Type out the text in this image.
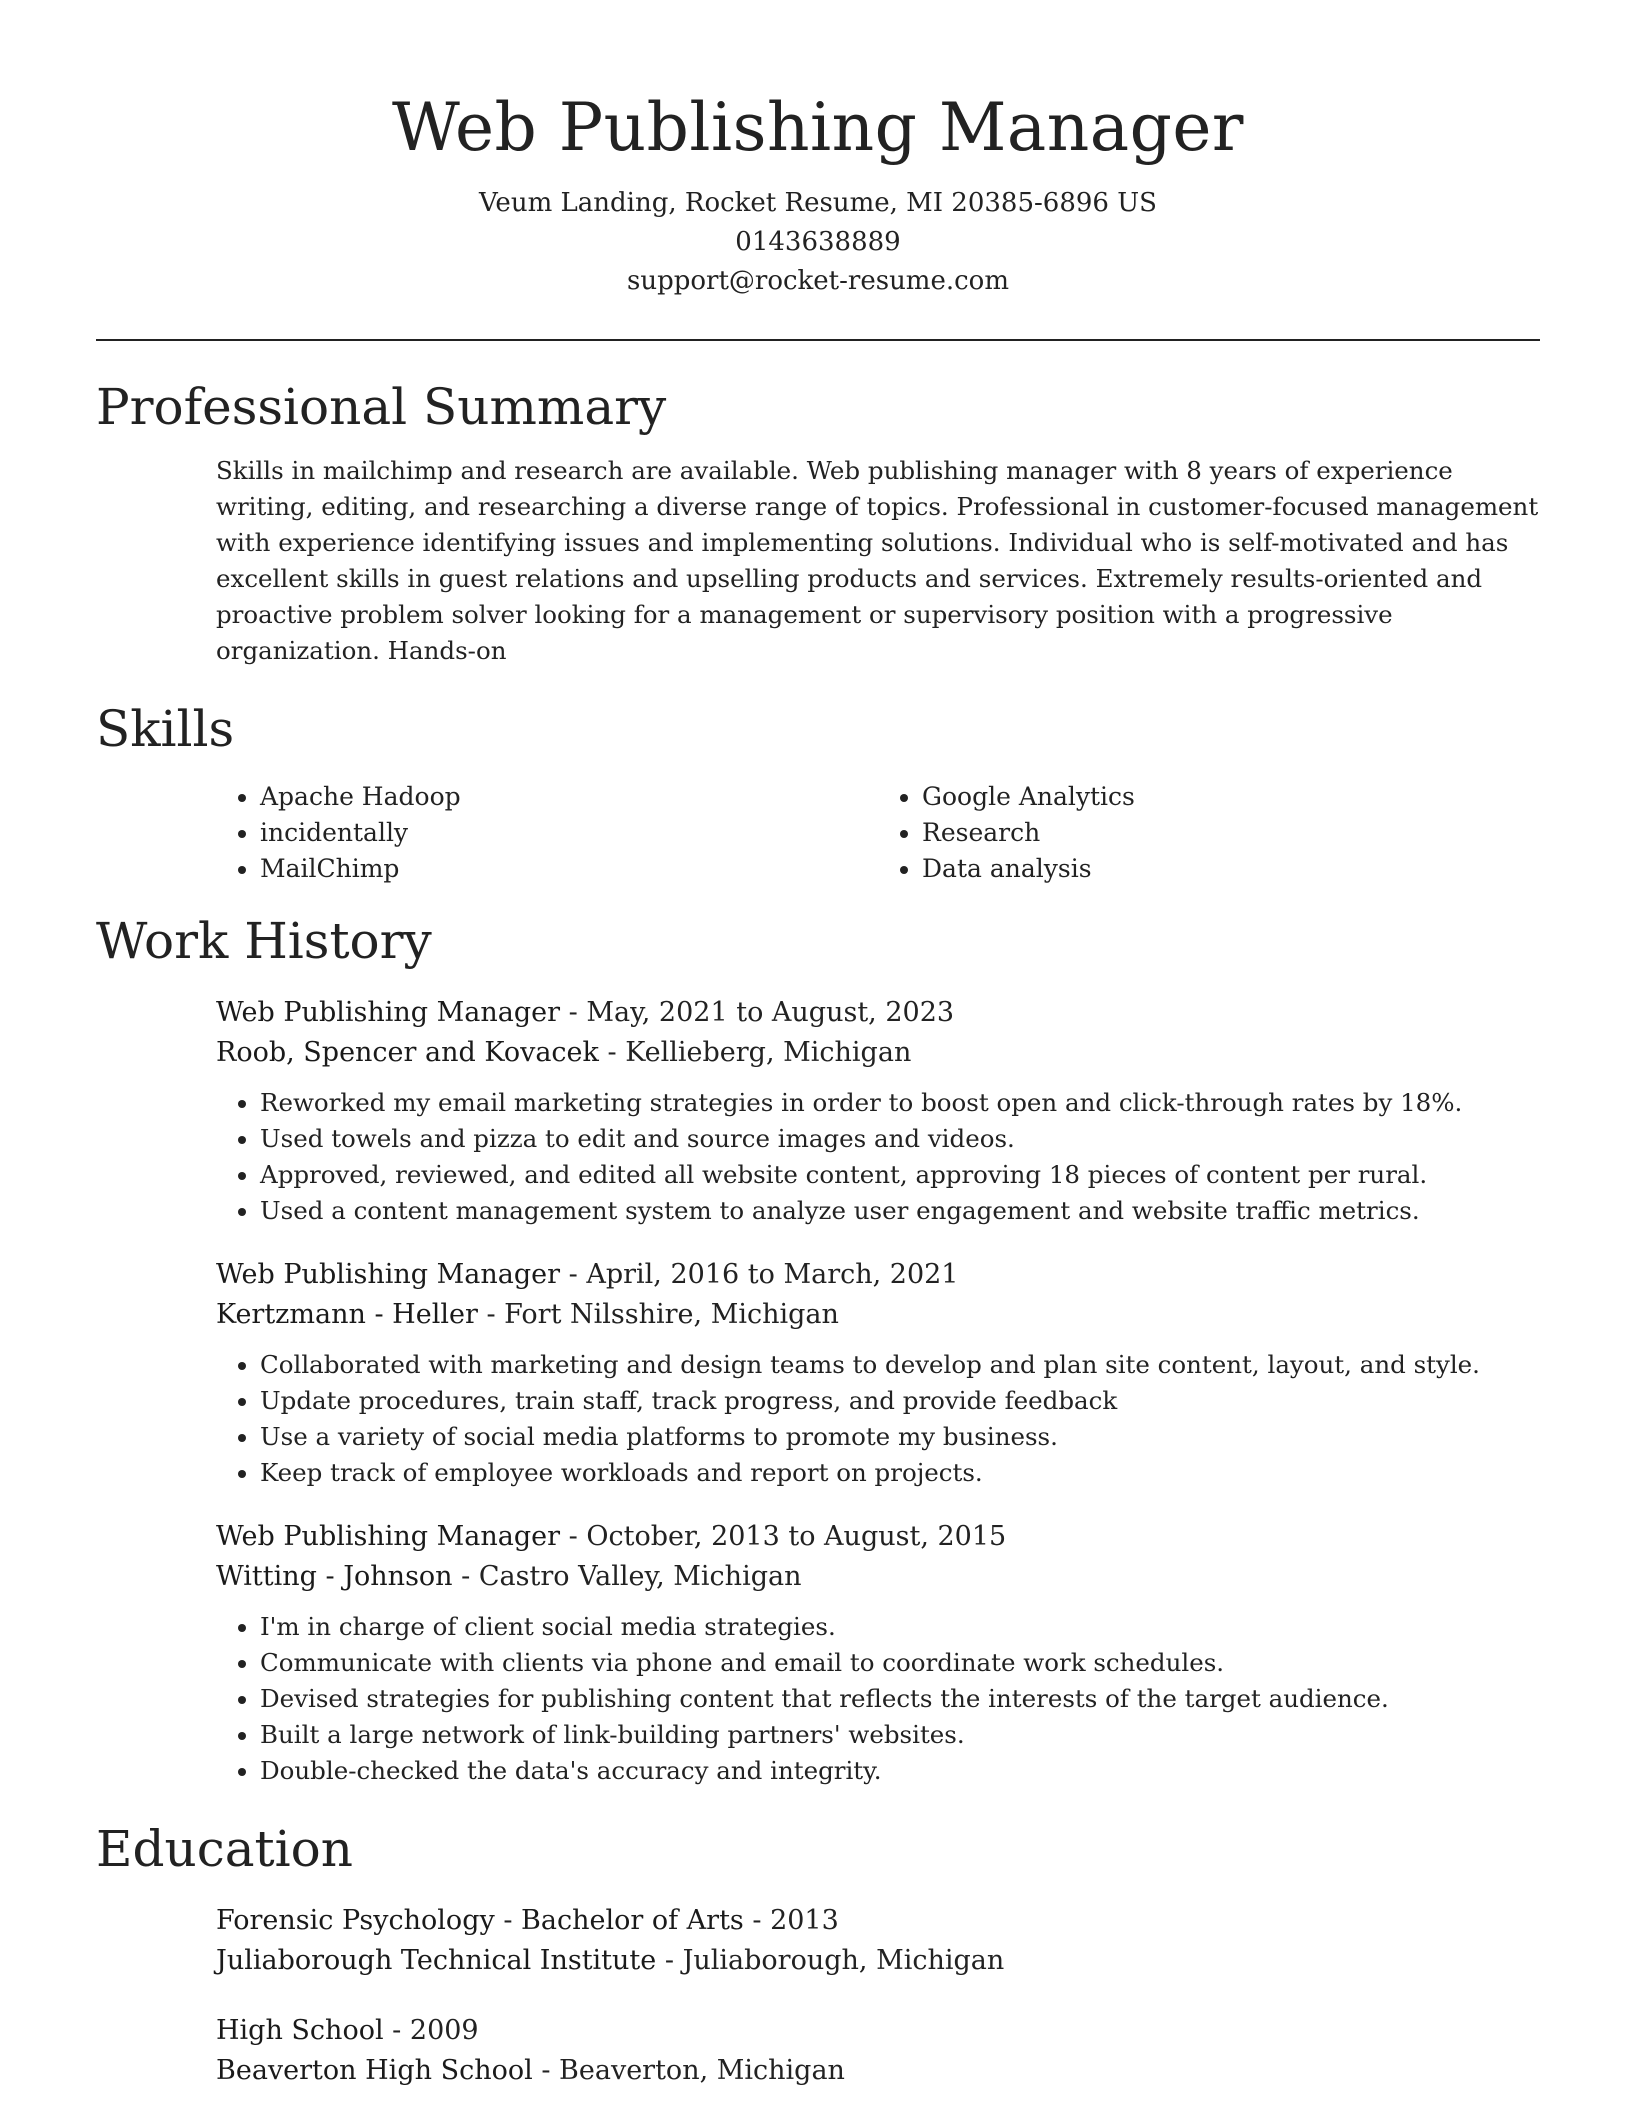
Web Publishing Manager

Veum Landing, Rocket Resume, MI 20385-6896 US

0143638889

support@rocket-resume.com

Professional Summary

Skills in mailchimp and research are available. Web publishing manager with 8 years of experience writing, editing, and researching a diverse range of topics. Professional in customer-focused management with experience identifying issues and implementing solutions. Individual who is self-motivated and has excellent skills in guest relations and upselling products and services. Extremely results-oriented and proactive problem solver looking for a management or supervisory position with a progressive organization. Hands-on

Skills
• Apache Hadoop
• incidentally
• MailChimp
• Google Analytics
• Research
• Data analysis
Work History

Web Publishing Manager - May, 2021 to August, 2023

Roob, Spencer and Kovacek - Kellieberg, Michigan

• Reworked my email marketing strategies in order to boost open and click-through rates by 18%.
• Used towels and pizza to edit and source images and videos.
• Approved, reviewed, and edited all website content, approving 18 pieces of content per rural.
• Used a content management system to analyze user engagement and website traffic metrics.

Web Publishing Manager - April, 2016 to March, 2021

Kertzmann - Heller - Fort Nilsshire, Michigan

• Collaborated with marketing and design teams to develop and plan site content, layout, and style.
• Update procedures, train staff, track progress, and provide feedback
• Use a variety of social media platforms to promote my business.
• Keep track of employee workloads and report on projects.

Web Publishing Manager - October, 2013 to August, 2015

Witting - Johnson - Castro Valley, Michigan

• I'm in charge of client social media strategies.
• Communicate with clients via phone and email to coordinate work schedules.
• Devised strategies for publishing content that reflects the interests of the target audience.
• Built a large network of link-building partners' websites.
• Double-checked the data's accuracy and integrity.
Education

Forensic Psychology - Bachelor of Arts - 2013

Juliaborough Technical Institute - Juliaborough, Michigan

High School - 2009

Beaverton High School - Beaverton, Michigan
